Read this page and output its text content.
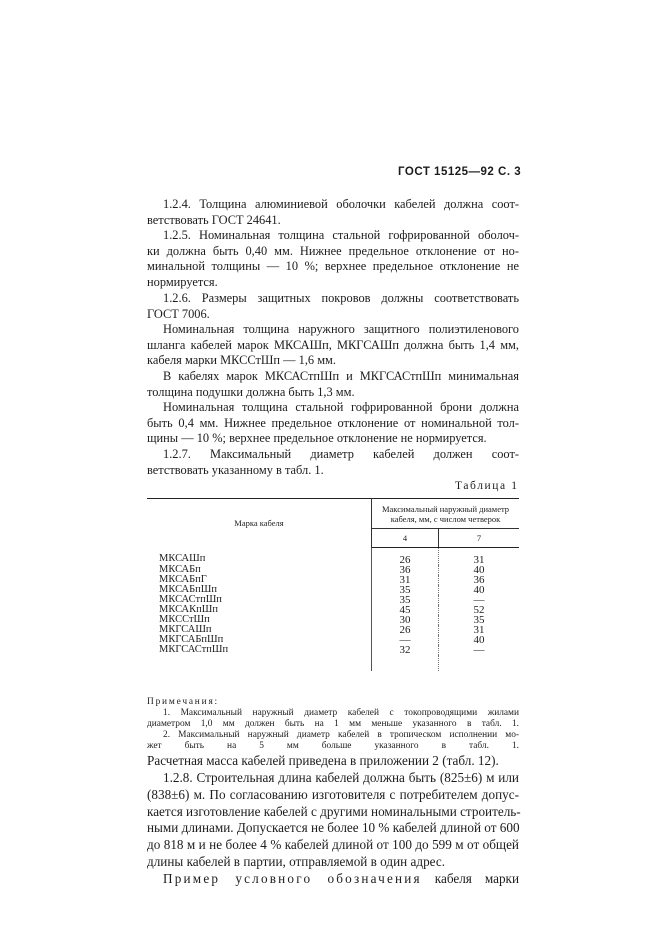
ГОСТ 15125—92 С. 3
1.2.4. Толщина алюминиевой оболочки кабелей должна соот-
ветствовать ГОСТ 24641.
1.2.5. Номинальная толщина стальной гофрированной оболоч-
ки должна быть 0,40 мм. Нижнее предельное отклонение от но-
минальной толщины — 10 %; верхнее предельное отклонение не
нормируется.
1.2.6. Размеры защитных покровов должны соответствовать
ГОСТ 7006.
Номинальная толщина наружного защитного полиэтиленового
шланга кабелей марок МКСАШп, МКГСАШп должна быть 1,4 мм,
кабеля марки МКССтШп — 1,6 мм.
В кабелях марок МКСАСтпШп и МКГСАСтпШп минимальная
толщина подушки должна быть 1,3 мм.
Номинальная толщина стальной гофрированной брони должна
быть 0,4 мм. Нижнее предельное отклонение от номинальной тол-
щины — 10 %; верхнее предельное отклонение не нормируется.
1.2.7. Максимальный диаметр кабелей должен соот-
ветствовать указанному в табл. 1.
Таблица 1
Марка кабеля	Максимальный наружный диаметр кабеля, мм, с числом четверок	
	4	7
МКСАШп	26	31
МКСАБп	36	40
МКСАБпГ	31	36
МКСАБпШп	35	40
МКСАСтпШп	35	—
МКСАКпШп	45	52
МКССтШп	30	35
МКГСАШп	26	31
МКГСАБпШп	—	40
МКГСАСтпШп	32	—

Примечания:
1. Максимальный наружный диаметр кабелей с токопроводящими жилами
диаметром 1,0 мм должен быть на 1 мм меньше указанного в табл. 1.
2. Максимальный наружный диаметр кабелей в тропическом исполнении мо-
жет быть на 5 мм больше указанного в табл. 1.
Расчетная масса кабелей приведена в приложении 2 (табл. 12).
1.2.8. Строительная длина кабелей должна быть (825±6) м или
(838±6) м. По согласованию изготовителя с потребителем допус-
кается изготовление кабелей с другими номинальными строитель-
ными длинами. Допускается не более 10 % кабелей длиной от 600
до 818 м и не более 4 % кабелей длиной от 100 до 599 м от общей
длины кабелей в партии, отправляемой в один адрес.
Пример условного обозначения кабеля марки
